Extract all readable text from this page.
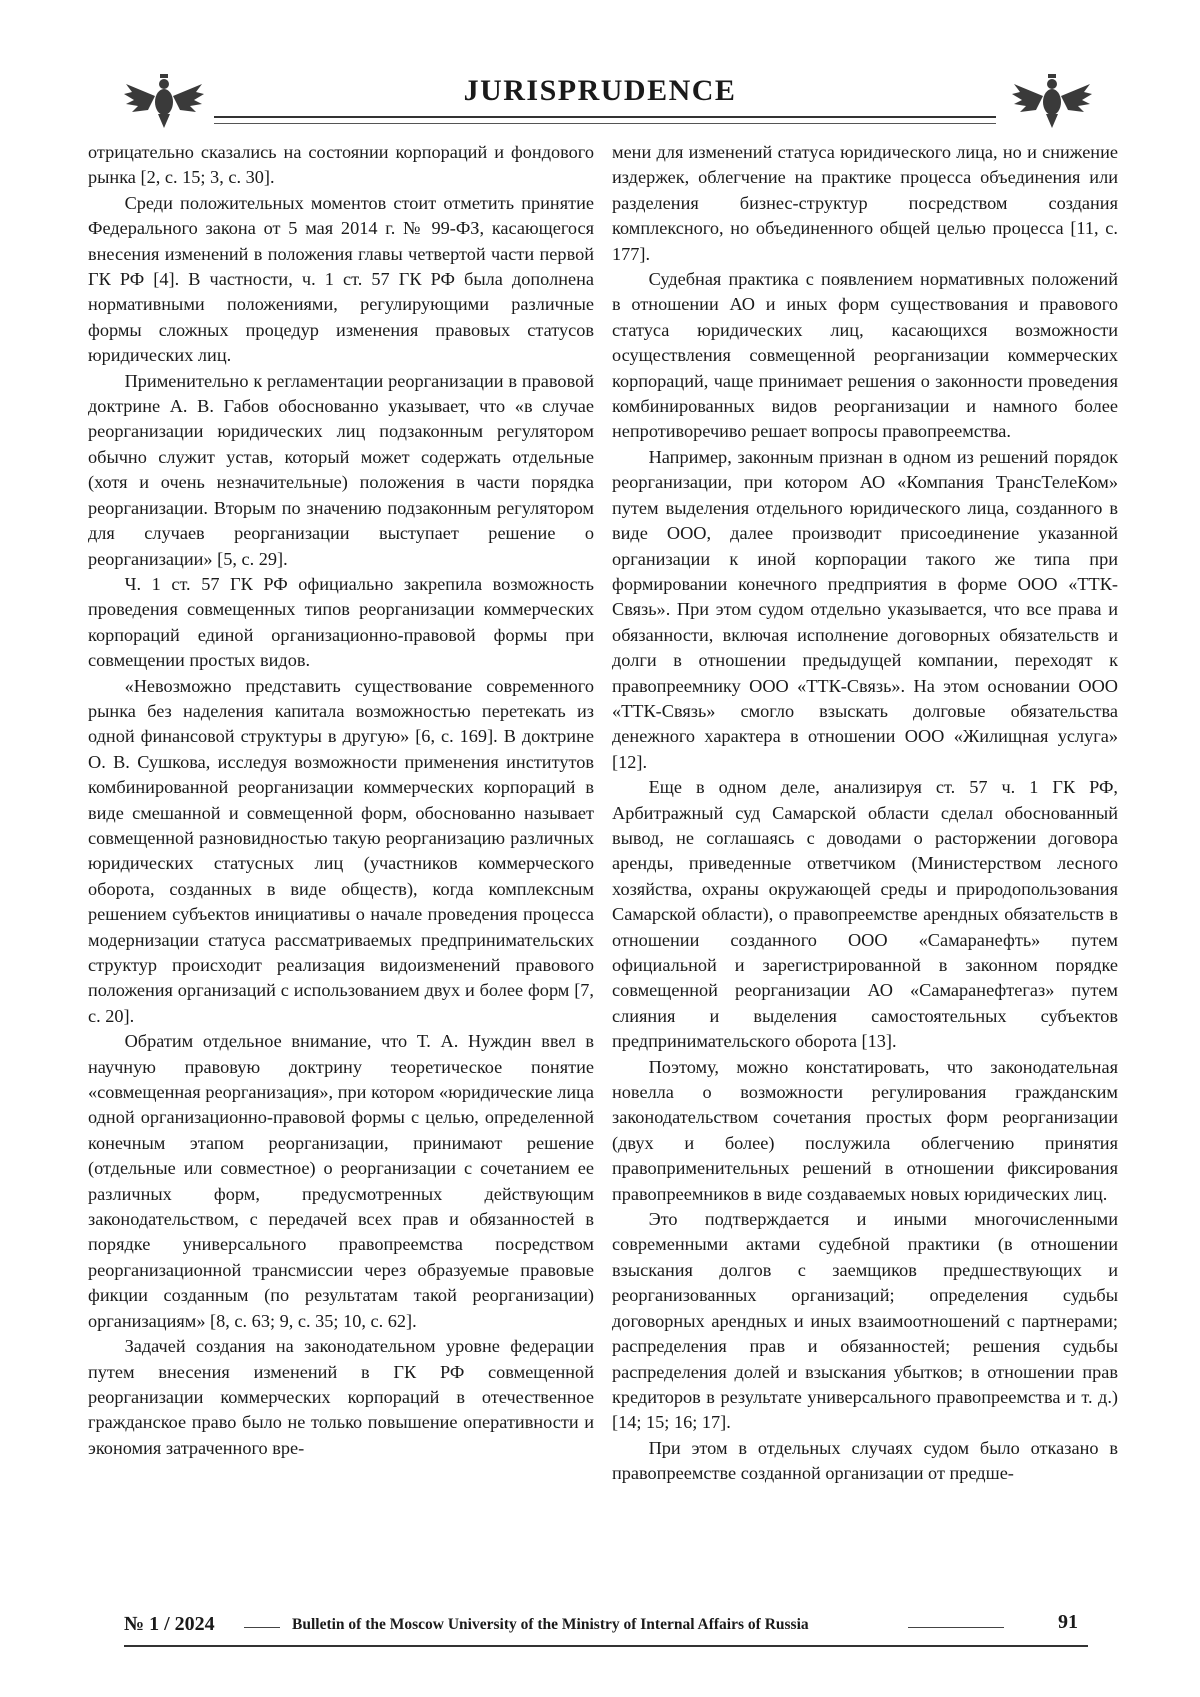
JURISPRUDENCE

отрицательно сказались на состоянии корпораций и фондового рынка [2, с. 15; 3, с. 30].

Среди положительных моментов стоит отметить принятие Федерального закона от 5 мая 2014 г. № 99-ФЗ, касающегося внесения изменений в положения главы четвертой части первой ГК РФ [4]. В частности, ч. 1 ст. 57 ГК РФ была дополнена нормативными положениями, регулирующими различные формы сложных процедур изменения правовых статусов юридических лиц.

Применительно к регламентации реорганизации в правовой доктрине А. В. Габов обоснованно указывает, что «в случае реорганизации юридических лиц подзаконным регулятором обычно служит устав, который может содержать отдельные (хотя и очень незначительные) положения в части порядка реорганизации. Вторым по значению подзаконным регулятором для случаев реорганизации выступает решение о реорганизации» [5, с. 29].

Ч. 1 ст. 57 ГК РФ официально закрепила возможность проведения совмещенных типов реорганизации коммерческих корпораций единой организационно-правовой формы при совмещении простых видов.

«Невозможно представить существование современного рынка без наделения капитала возможностью перетекать из одной финансовой структуры в другую» [6, с. 169]. В доктрине О. В. Сушкова, исследуя возможности применения институтов комбинированной реорганизации коммерческих корпораций в виде смешанной и совмещенной форм, обоснованно называет совмещенной разновидностью такую реорганизацию различных юридических статусных лиц (участников коммерческого оборота, созданных в виде обществ), когда комплексным решением субъектов инициативы о начале проведения процесса модернизации статуса рассматриваемых предпринимательских структур происходит реализация видоизменений правового положения организаций с использованием двух и более форм [7, с. 20].

Обратим отдельное внимание, что Т. А. Нуждин ввел в научную правовую доктрину теоретическое понятие «совмещенная реорганизация», при котором «юридические лица одной организационно-правовой формы с целью, определенной конечным этапом реорганизации, принимают решение (отдельные или совместное) о реорганизации с сочетанием ее различных форм, предусмотренных действующим законодательством, с передачей всех прав и обязанностей в порядке универсального правопреемства посредством реорганизационной трансмиссии через образуемые правовые фикции созданным (по результатам такой реорганизации) организациям» [8, с. 63; 9, с. 35; 10, с. 62].

Задачей создания на законодательном уровне федерации путем внесения изменений в ГК РФ совмещенной реорганизации коммерческих корпораций в отечественное гражданское право было не только повышение оперативности и экономия затраченного вре-

мени для изменений статуса юридического лица, но и снижение издержек, облегчение на практике процесса объединения или разделения бизнес-структур посредством создания комплексного, но объединенного общей целью процесса [11, с. 177].

Судебная практика с появлением нормативных положений в отношении АО и иных форм существования и правового статуса юридических лиц, касающихся возможности осуществления совмещенной реорганизации коммерческих корпораций, чаще принимает решения о законности проведения комбинированных видов реорганизации и намного более непротиворечиво решает вопросы правопреемства.

Например, законным признан в одном из решений порядок реорганизации, при котором АО «Компания ТрансТелеКом» путем выделения отдельного юридического лица, созданного в виде ООО, далее производит присоединение указанной организации к иной корпорации такого же типа при формировании конечного предприятия в форме ООО «ТТК-Связь». При этом судом отдельно указывается, что все права и обязанности, включая исполнение договорных обязательств и долги в отношении предыдущей компании, переходят к правопреемнику ООО «ТТК-Связь». На этом основании ООО «ТТК-Связь» смогло взыскать долговые обязательства денежного характера в отношении ООО «Жилищная услуга» [12].

Еще в одном деле, анализируя ст. 57 ч. 1 ГК РФ, Арбитражный суд Самарской области сделал обоснованный вывод, не соглашаясь с доводами о расторжении договора аренды, приведенные ответчиком (Министерством лесного хозяйства, охраны окружающей среды и природопользования Самарской области), о правопреемстве арендных обязательств в отношении созданного ООО «Самаранефть» путем официальной и зарегистрированной в законном порядке совмещенной реорганизации АО «Самаранефтегаз» путем слияния и выделения самостоятельных субъектов предпринимательского оборота [13].

Поэтому, можно констатировать, что законодательная новелла о возможности регулирования гражданским законодательством сочетания простых форм реорганизации (двух и более) послужила облегчению принятия правоприменительных решений в отношении фиксирования правопреемников в виде создаваемых новых юридических лиц.

Это подтверждается и иными многочисленными современными актами судебной практики (в отношении взыскания долгов с заемщиков предшествующих и реорганизованных организаций; определения судьбы договорных арендных и иных взаимоотношений с партнерами; распределения прав и обязанностей; решения судьбы распределения долей и взыскания убытков; в отношении прав кредиторов в результате универсального правопреемства и т. д.) [14; 15; 16; 17].

При этом в отдельных случаях судом было отказано в правопреемстве созданной организации от предше-

№ 1 / 2024	Bulletin of the Moscow University of the Ministry of Internal Affairs of Russia	91
